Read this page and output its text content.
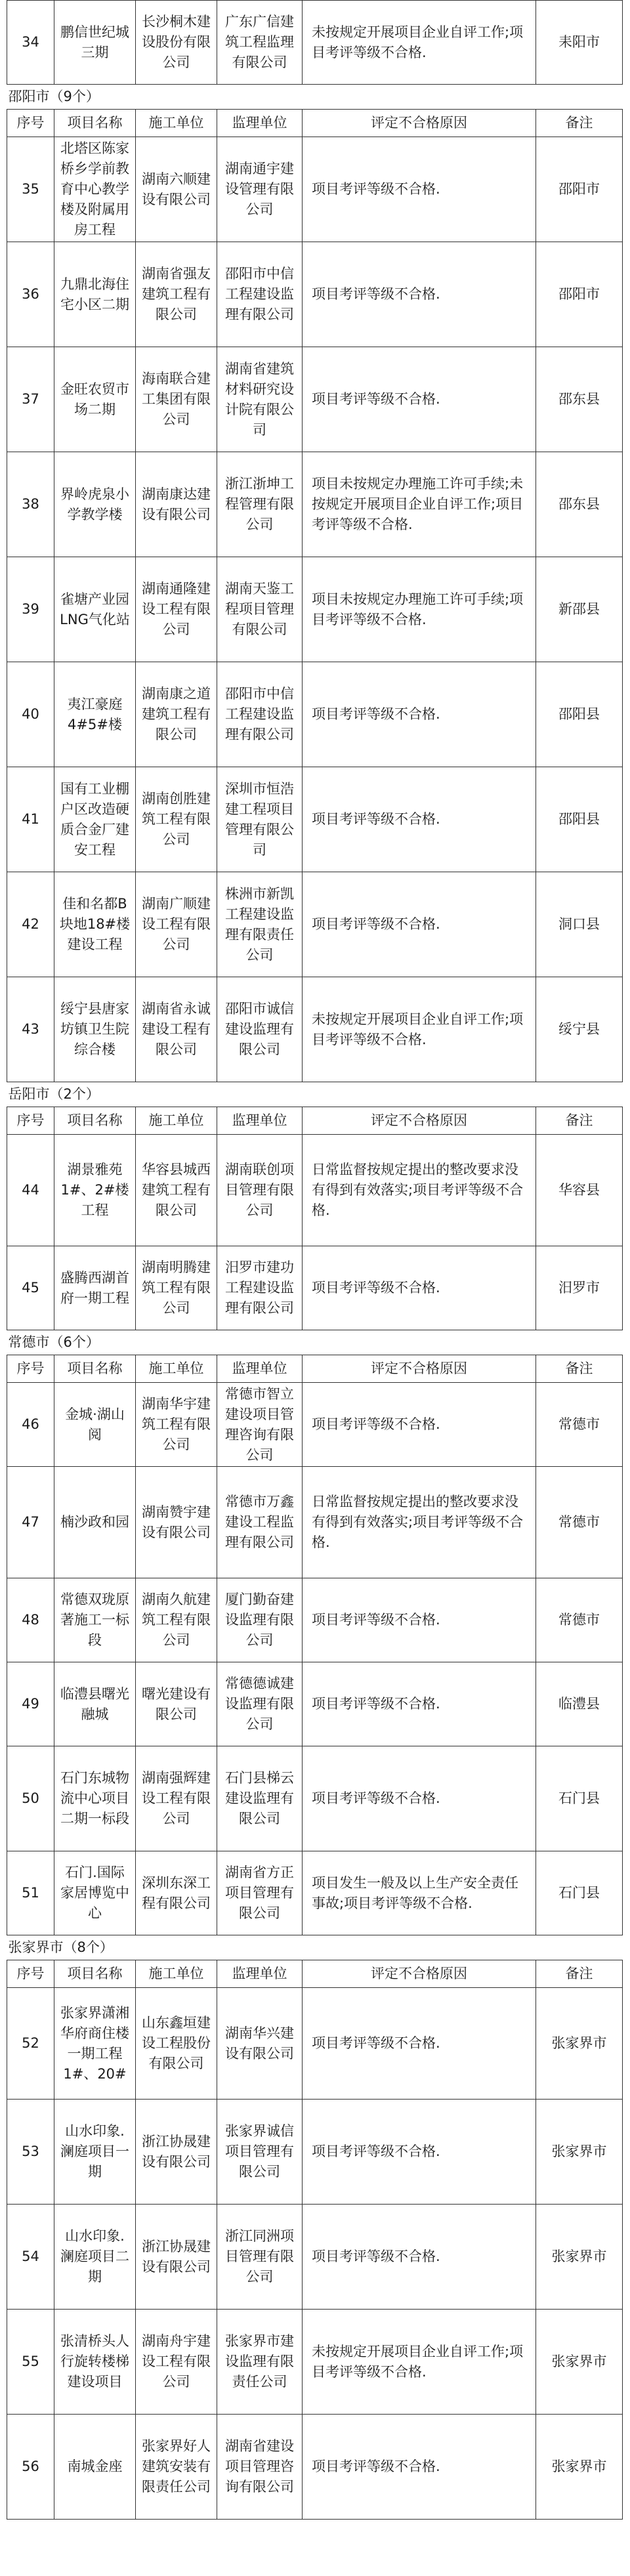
34	鹏信世纪城三期	长沙桐木建设股份有限公司	广东广信建筑工程监理有限公司	未按规定开展项目企业自评工作;项目考评等级不合格.	耒阳市
邵阳市（9个）					
序号	项目名称	施工单位	监理单位	评定不合格原因	备注
35	北塔区陈家桥乡学前教育中心教学楼及附属用房工程	湖南六顺建设有限公司	湖南通宇建设管理有限公司	项目考评等级不合格.	邵阳市
36	九鼎北海住宅小区二期	湖南省强友建筑工程有限公司	邵阳市中信工程建设监理有限公司	项目考评等级不合格.	邵阳市
37	金旺农贸市场二期	海南联合建工集团有限公司	湖南省建筑材料研究设计院有限公司	项目考评等级不合格.	邵东县
38	界岭虎泉小学教学楼	湖南康达建设有限公司	浙江浙坤工程管理有限公司	项目未按规定办理施工许可手续;未按规定开展项目企业自评工作;项目考评等级不合格.	邵东县
39	雀塘产业园LNG气化站	湖南通隆建设工程有限公司	湖南天鉴工程项目管理有限公司	项目未按规定办理施工许可手续;项目考评等级不合格.	新邵县
40	夷江豪庭4#5#楼	湖南康之道建筑工程有限公司	邵阳市中信工程建设监理有限公司	项目考评等级不合格.	邵阳县
41	国有工业棚户区改造硬质合金厂建安工程	湖南创胜建筑工程有限公司	深圳市恒浩建工程项目管理有限公司	项目考评等级不合格.	邵阳县
42	佳和名都B块地18#楼建设工程	湖南广顺建设工程有限公司	株洲市新凯工程建设监理有限责任公司	项目考评等级不合格.	洞口县
43	绥宁县唐家坊镇卫生院综合楼	湖南省永诚建设工程有限公司	邵阳市诚信建设监理有限公司	未按规定开展项目企业自评工作;项目考评等级不合格.	绥宁县
岳阳市（2个）					
序号	项目名称	施工单位	监理单位	评定不合格原因	备注
44	湖景雅苑1#、2#楼工程	华容县城西建筑工程有限公司	湖南联创项目管理有限公司	日常监督按规定提出的整改要求没有得到有效落实;项目考评等级不合格.	华容县
45	盛腾西湖首府一期工程	湖南明腾建筑工程有限公司	汨罗市建功工程建设监理有限公司	项目考评等级不合格.	汨罗市
常德市（6个）					
序号	项目名称	施工单位	监理单位	评定不合格原因	备注
46	金城·湖山阅	湖南华宇建筑工程有限公司	常德市智立建设项目管理咨询有限公司	项目考评等级不合格.	常德市
47	楠沙政和园	湖南赞宇建设有限公司	常德市万鑫建设工程监理有限公司	日常监督按规定提出的整改要求没有得到有效落实;项目考评等级不合格.	常德市
48	常德双珑原著施工一标段	湖南久航建筑工程有限公司	厦门勤奋建设监理有限公司	项目考评等级不合格.	常德市
49	临澧县曙光融城	曙光建设有限公司	常德德诚建设监理有限公司	项目考评等级不合格.	临澧县
50	石门东城物流中心项目二期一标段	湖南强辉建设工程有限公司	石门县梯云建设监理有限公司	项目考评等级不合格.	石门县
51	石门.国际家居博览中心	深圳东深工程有限公司	湖南省方正项目管理有限公司	项目发生一般及以上生产安全责任事故;项目考评等级不合格.	石门县
张家界市（8个）					
序号	项目名称	施工单位	监理单位	评定不合格原因	备注
52	张家界潇湘华府商住楼一期工程1#、20#	山东鑫垣建设工程股份有限公司	湖南华兴建设有限公司	项目考评等级不合格.	张家界市
53	山水印象.澜庭项目一期	浙江协晟建设有限公司	张家界诚信项目管理有限公司	项目考评等级不合格.	张家界市
54	山水印象.澜庭项目二期	浙江协晟建设有限公司	浙江同洲项目管理有限公司	项目考评等级不合格.	张家界市
55	张清桥头人行旋转楼梯建设项目	湖南舟宇建设工程有限公司	张家界市建设监理有限责任公司	未按规定开展项目企业自评工作;项目考评等级不合格.	张家界市
56	南城金座	张家界好人建筑安装有限责任公司	湖南省建设项目管理咨询有限公司	项目考评等级不合格.	张家界市
